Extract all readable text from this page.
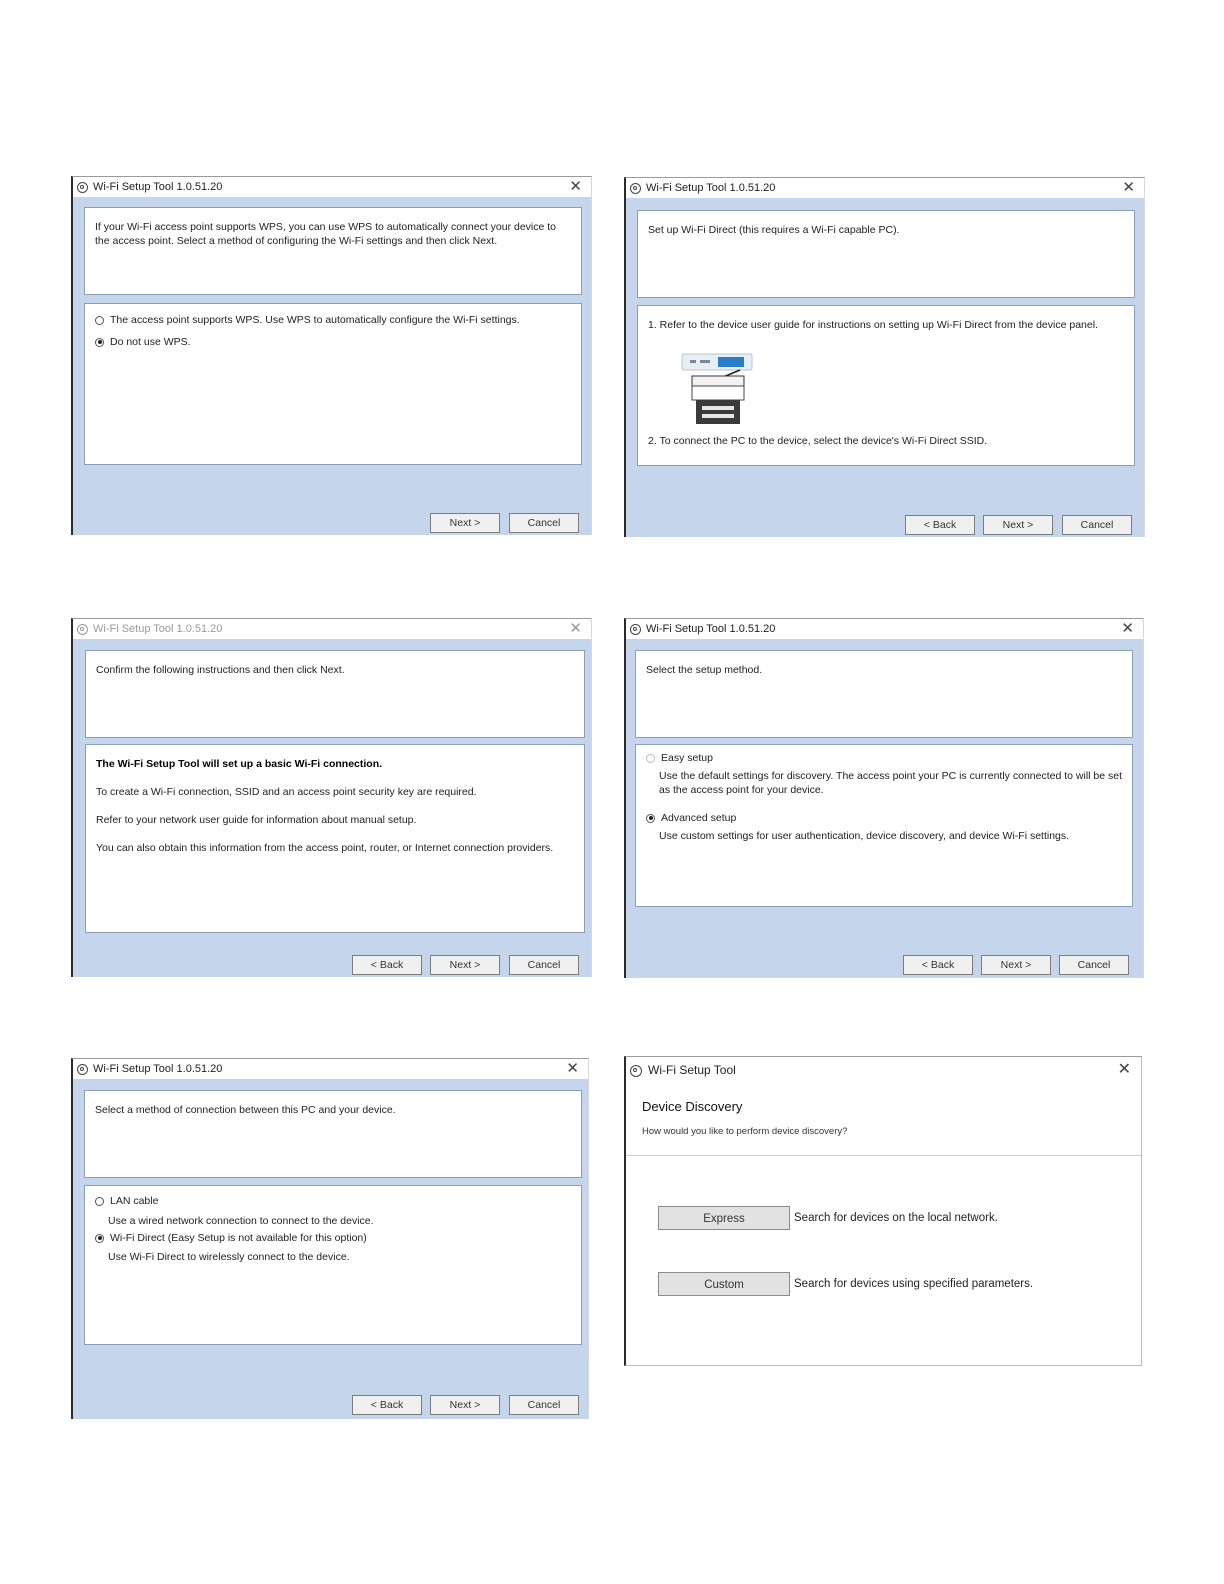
Wi-Fi Setup Tool 1.0.51.20	✕
If your Wi-Fi access point supports WPS, you can use WPS to automatically connect your device to the access point. Select a method of configuring the Wi-Fi settings and then click Next.
The access point supports WPS. Use WPS to automatically configure the Wi-Fi settings.
Do not use WPS.
Next >	Cancel
Wi-Fi Setup Tool 1.0.51.20	✕
Set up Wi-Fi Direct (this requires a Wi-Fi capable PC).
1. Refer to the device user guide for instructions on setting up Wi-Fi Direct from the device panel.
2. To connect the PC to the device, select the device's Wi-Fi Direct SSID.
< Back	Next >	Cancel
Wi-Fi Setup Tool 1.0.51.20	✕
Confirm the following instructions and then click Next.

The Wi-Fi Setup Tool will set up a basic Wi-Fi connection.

To create a Wi-Fi connection, SSID and an access point security key are required.

Refer to your network user guide for information about manual setup.

You can also obtain this information from the access point, router, or Internet connection providers.

< Back	Next >	Cancel
Wi-Fi Setup Tool 1.0.51.20	✕
Select the setup method.
Easy setup
Use the default settings for discovery. The access point your PC is currently connected to will be set as the access point for your device.
Advanced setup
Use custom settings for user authentication, device discovery, and device Wi-Fi settings.
< Back	Next >	Cancel
Wi-Fi Setup Tool 1.0.51.20	✕
Select a method of connection between this PC and your device.
LAN cable
Use a wired network connection to connect to the device.
Wi-Fi Direct (Easy Setup is not available for this option)
Use Wi-Fi Direct to wirelessly connect to the device.
< Back	Next >	Cancel
Wi-Fi Setup Tool	✕
Device Discovery
How would you like to perform device discovery?
Express	Search for devices on the local network.
Custom	Search for devices using specified parameters.
